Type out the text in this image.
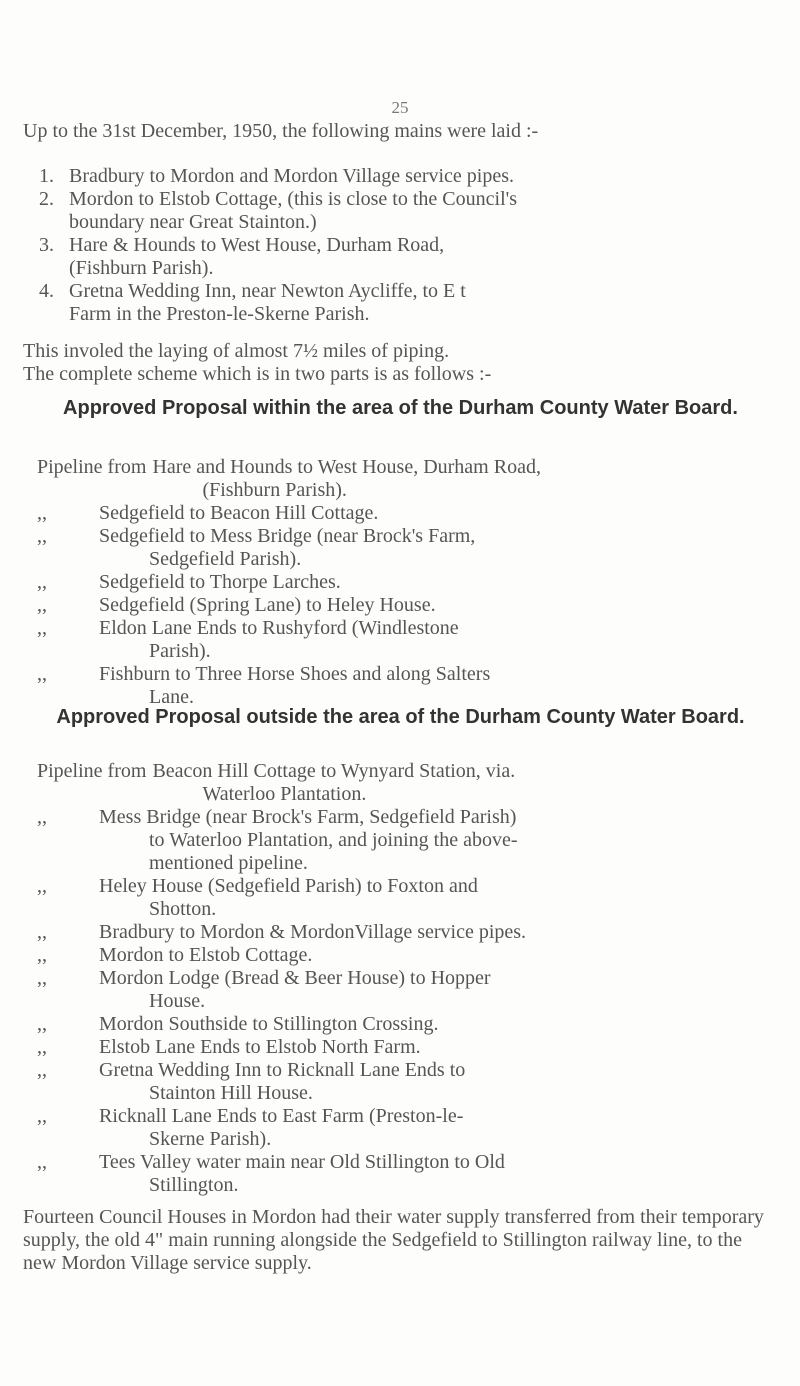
25
Up to the 31st December, 1950, the following mains were laid :-
1. Bradbury to Mordon and Mordon Village service pipes.
2. Mordon to Elstob Cottage, (this is close to the Council's
boundary near Great Stainton.)
3. Hare & Hounds to West House, Durham Road,
(Fishburn Parish).
4. Gretna Wedding Inn, near Newton Aycliffe, to E t
Farm in the Preston-le-Skerne Parish.
This involed the laying of almost 7½ miles of piping.
The complete scheme which is in two parts is as follows :-
Approved Proposal within the area of the Durham County Water Board.
Pipeline from Hare and Hounds to West House, Durham Road,
(Fishburn Parish).
,,	Sedgefield to Beacon Hill Cottage.
,,	Sedgefield to Mess Bridge (near Brock's Farm,
Sedgefield Parish).
,,	Sedgefield to Thorpe Larches.
,,	Sedgefield (Spring Lane) to Heley House.
,,	Eldon Lane Ends to Rushyford (Windlestone
Parish).
,,	Fishburn to Three Horse Shoes and along Salters
Lane.
Approved Proposal outside the area of the Durham County Water Board.
Pipeline from Beacon Hill Cottage to Wynyard Station, via.
Waterloo Plantation.
,,	Mess Bridge (near Brock's Farm, Sedgefield Parish)
to Waterloo Plantation, and joining the above-
mentioned pipeline.
,,	Heley House (Sedgefield Parish) to Foxton and
Shotton.
,,	Bradbury to Mordon & MordonVillage service pipes.
,,	Mordon to Elstob Cottage.
,,	Mordon Lodge (Bread & Beer House) to Hopper
House.
,,	Mordon Southside to Stillington Crossing.
,,	Elstob Lane Ends to Elstob North Farm.
,,	Gretna Wedding Inn to Ricknall Lane Ends to
Stainton Hill House.
,,	Ricknall Lane Ends to East Farm (Preston-le-
Skerne Parish).
,,	Tees Valley water main near Old Stillington to Old
Stillington.
Fourteen Council Houses in Mordon had their water supply transferred from their temporary supply, the old 4" main running alongside the Sedgefield to Stillington railway line, to the new Mordon Village service supply.
